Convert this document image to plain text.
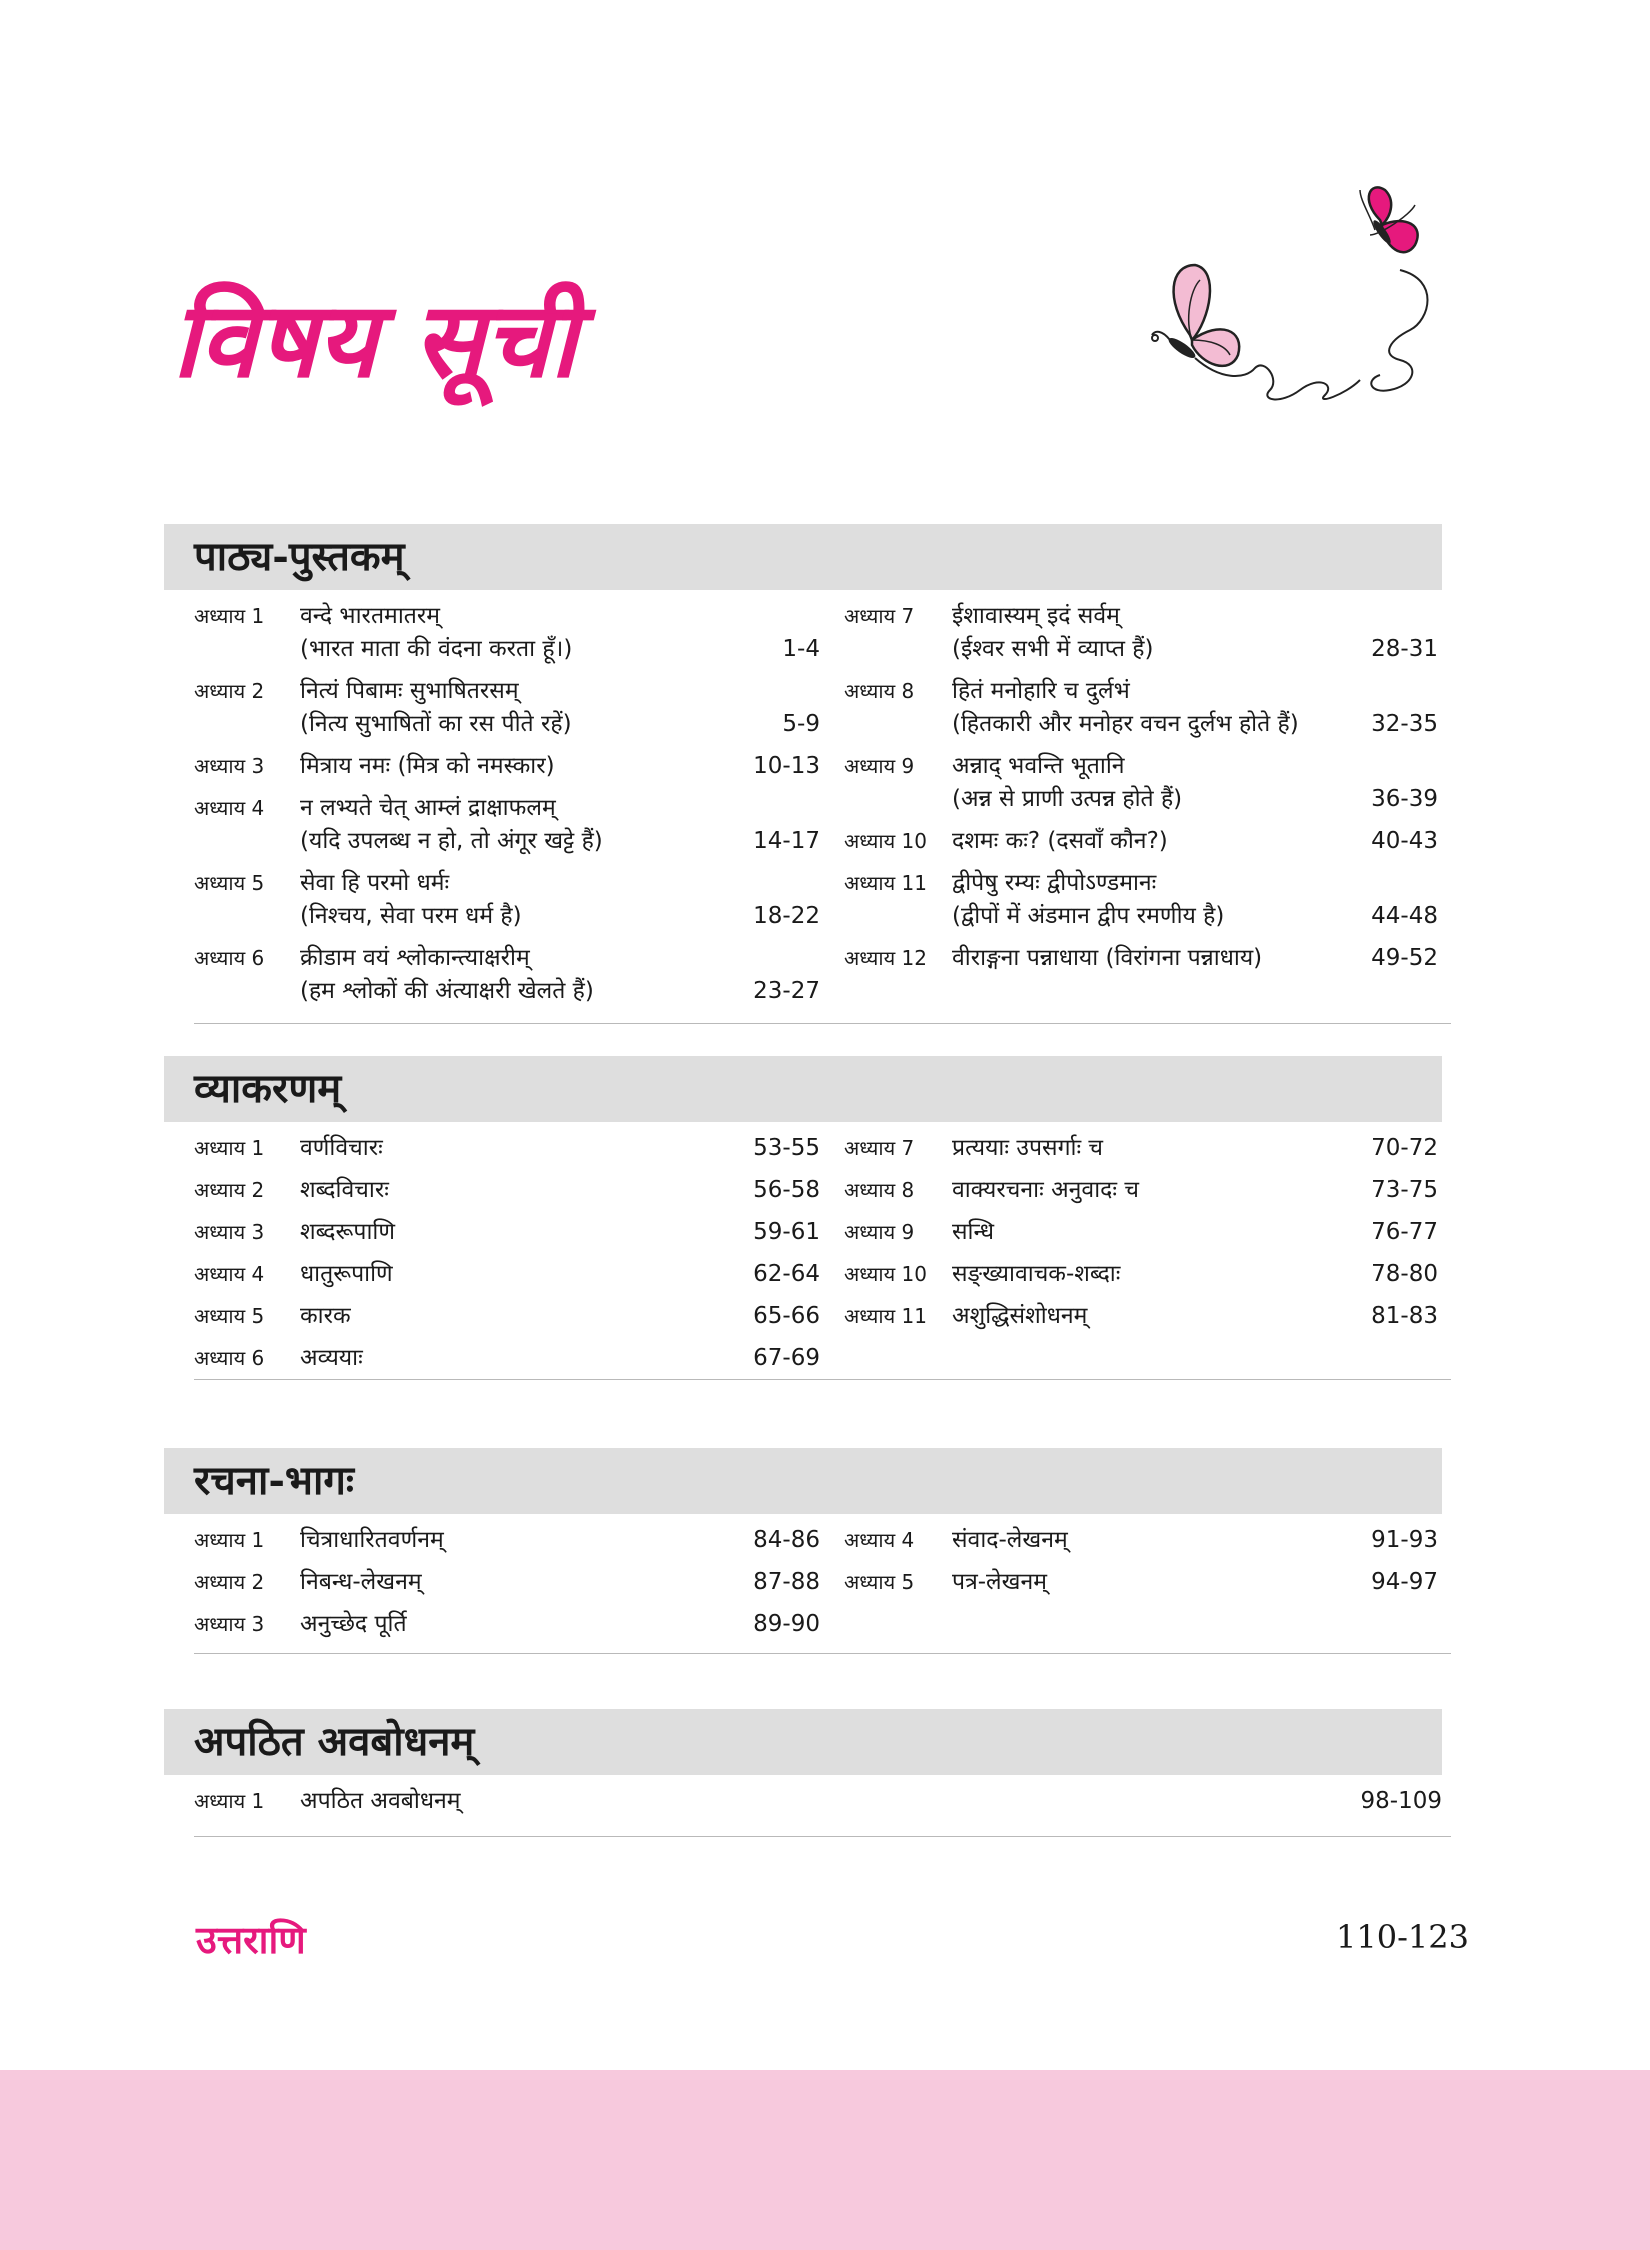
विषय सूची
पाठ्य-पुस्तकम्
अध्याय 1	वन्दे भारतमातरम्
(भारत माता की वंदना करता हूँ।)	1-4
अध्याय 2	नित्यं पिबामः सुभाषितरसम्
(नित्य सुभाषितों का रस पीते रहें)	5-9
अध्याय 3	मित्राय नमः (मित्र को नमस्कार)	10-13
अध्याय 4	न लभ्यते चेत् आम्लं द्राक्षाफलम्
(यदि उपलब्ध न हो, तो अंगूर खट्टे हैं)	14-17
अध्याय 5	सेवा हि परमो धर्मः
(निश्चय, सेवा परम धर्म है)	18-22
अध्याय 6	क्रीडाम वयं श्लोकान्त्याक्षरीम्
(हम श्लोकों की अंत्याक्षरी खेलते हैं)	23-27
अध्याय 7	ईशावास्यम् इदं सर्वम्
(ईश्वर सभी में व्याप्त हैं)	28-31
अध्याय 8	हितं मनोहारि च दुर्लभं
(हितकारी और मनोहर वचन दुर्लभ होते हैं)	32-35
अध्याय 9	अन्नाद् भवन्ति भूतानि
(अन्न से प्राणी उत्पन्न होते हैं)	36-39
अध्याय 10	दशमः कः? (दसवाँ कौन?)	40-43
अध्याय 11	द्वीपेषु रम्यः द्वीपोऽण्डमानः
(द्वीपों में अंडमान द्वीप रमणीय है)	44-48
अध्याय 12	वीराङ्गना पन्नाधाया (विरांगना पन्नाधाय)	49-52
व्याकरणम्
अध्याय 1	वर्णविचारः	53-55
अध्याय 2	शब्दविचारः	56-58
अध्याय 3	शब्दरूपाणि	59-61
अध्याय 4	धातुरूपाणि	62-64
अध्याय 5	कारक	65-66
अध्याय 6	अव्ययाः	67-69
अध्याय 7	प्रत्ययाः उपसर्गाः च	70-72
अध्याय 8	वाक्यरचनाः अनुवादः च	73-75
अध्याय 9	सन्धि	76-77
अध्याय 10	सङ्ख्यावाचक-शब्दाः	78-80
अध्याय 11	अशुद्धिसंशोधनम्	81-83
रचना-भागः
अध्याय 1	चित्राधारितवर्णनम्	84-86
अध्याय 2	निबन्ध-लेखनम्	87-88
अध्याय 3	अनुच्छेद पूर्ति	89-90
अध्याय 4	संवाद-लेखनम्	91-93
अध्याय 5	पत्र-लेखनम्	94-97
अपठित अवबोधनम्
अध्याय 1	अपठित अवबोधनम्	98-109
उत्तराणि	110-123
